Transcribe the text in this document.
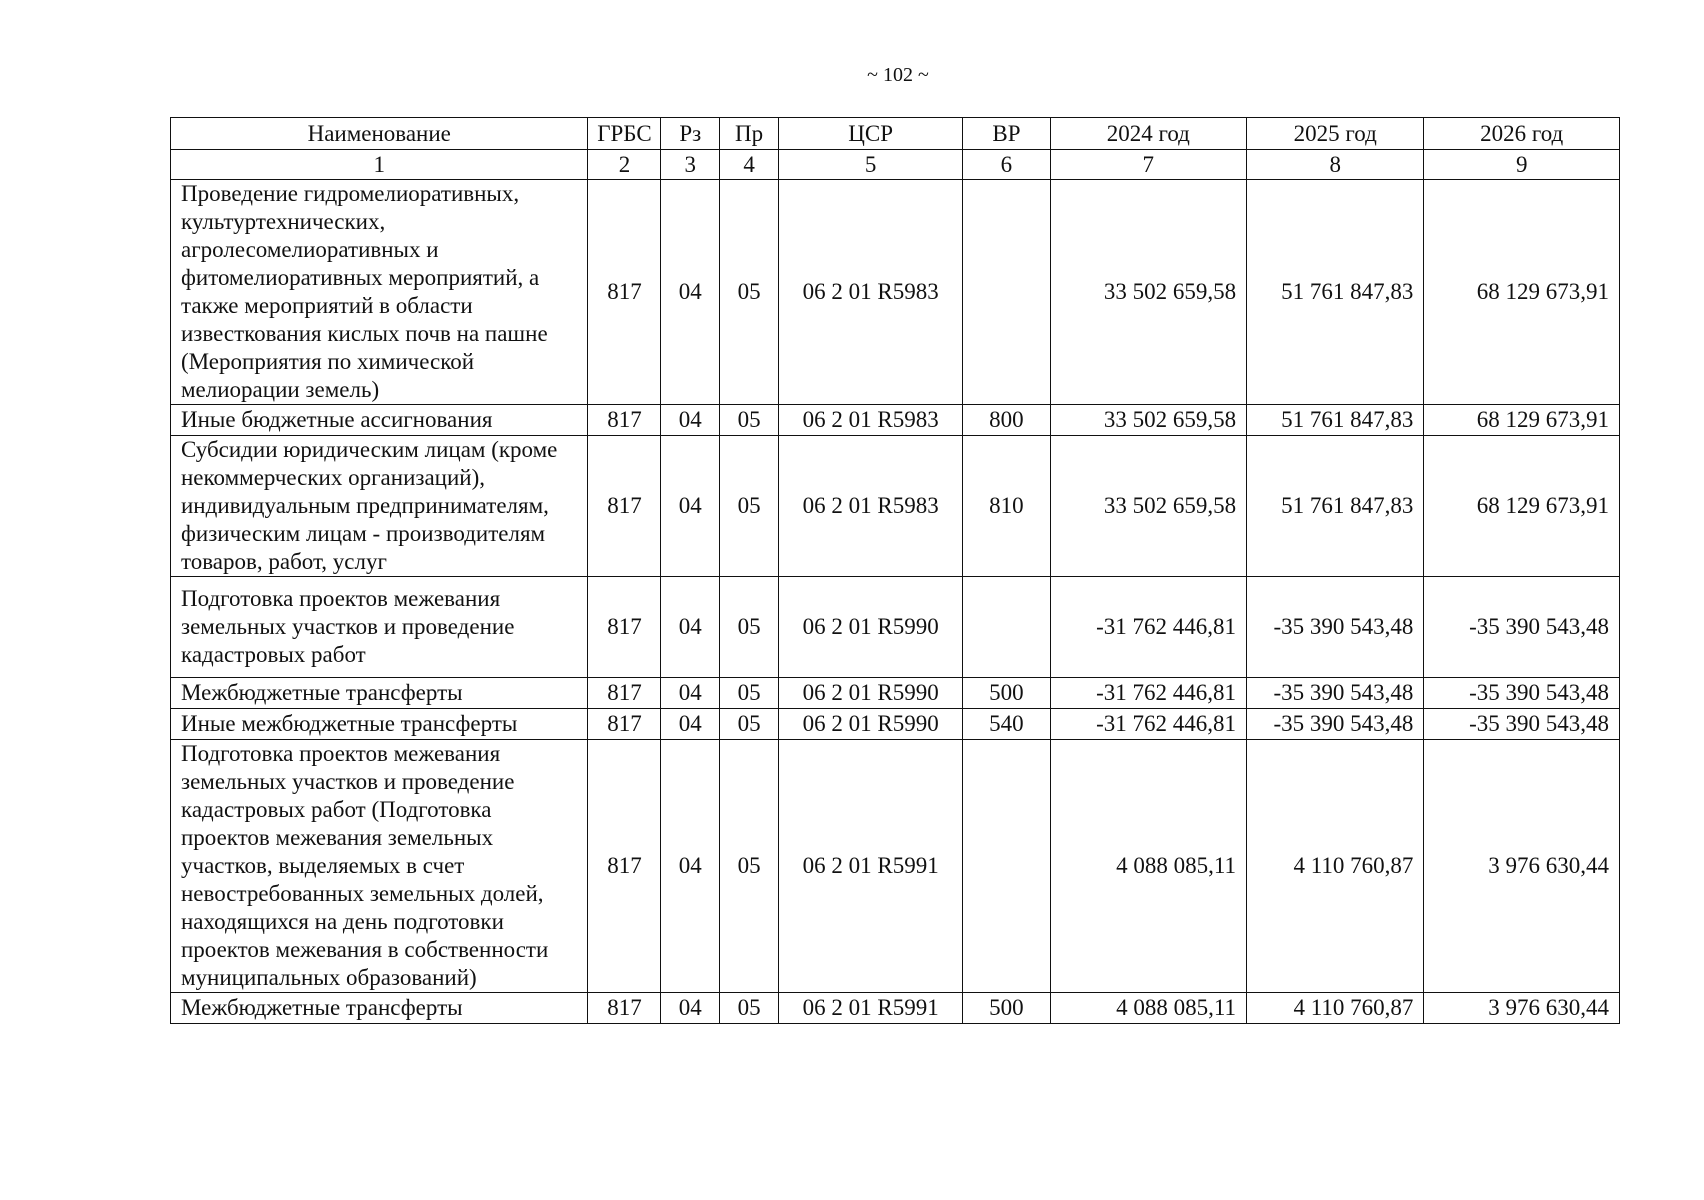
~ 102 ~
Наименование	ГРБС	Рз	Пр	ЦСР	ВР	2024 год	2025 год	2026 год
1	2	3	4	5	6	7	8	9
Проведение гидромелиоративных, культуртехнических, агролесомелиоративных и фитомелиоративных мероприятий, а также мероприятий в области известкования кислых почв на пашне (Мероприятия по химической мелиорации земель)	817	04	05	06 2 01 R5983		33 502 659,58	51 761 847,83	68 129 673,91
Иные бюджетные ассигнования	817	04	05	06 2 01 R5983	800	33 502 659,58	51 761 847,83	68 129 673,91
Субсидии юридическим лицам (кроме некоммерческих организаций), индивидуальным предпринимателям, физическим лицам - производителям товаров, работ, услуг	817	04	05	06 2 01 R5983	810	33 502 659,58	51 761 847,83	68 129 673,91
Подготовка проектов межевания земельных участков и проведение кадастровых работ	817	04	05	06 2 01 R5990		-31 762 446,81	-35 390 543,48	-35 390 543,48
Межбюджетные трансферты	817	04	05	06 2 01 R5990	500	-31 762 446,81	-35 390 543,48	-35 390 543,48
Иные межбюджетные трансферты	817	04	05	06 2 01 R5990	540	-31 762 446,81	-35 390 543,48	-35 390 543,48
Подготовка проектов межевания земельных участков и проведение кадастровых работ (Подготовка проектов межевания земельных участков, выделяемых в счет невостребованных земельных долей, находящихся на день подготовки проектов межевания в собственности муниципальных образований)	817	04	05	06 2 01 R5991		4 088 085,11	4 110 760,87	3 976 630,44
Межбюджетные трансферты	817	04	05	06 2 01 R5991	500	4 088 085,11	4 110 760,87	3 976 630,44
